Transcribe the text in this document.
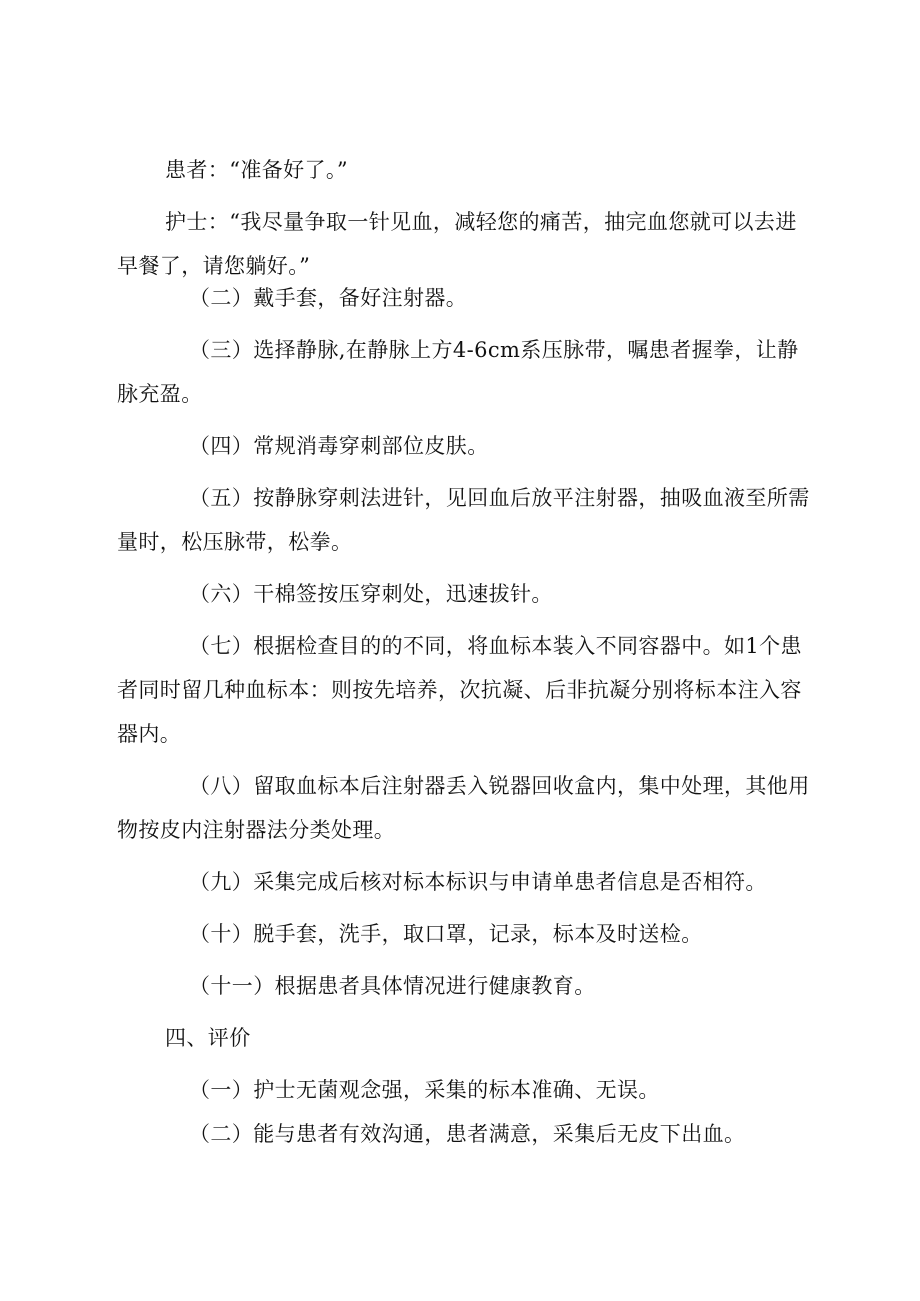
患者：“准备好了。”

护士：“我尽量争取一针见血，减轻您的痛苦，抽完血您就可以去进早餐了，请您躺好。”

（二）戴手套，备好注射器。

（三）选择静脉,在静脉上方4-6cm系压脉带，嘱患者握拳，让静脉充盈。

（四）常规消毒穿刺部位皮肤。

（五）按静脉穿刺法进针，见回血后放平注射器，抽吸血液至所需量时，松压脉带，松拳。

（六）干棉签按压穿刺处，迅速拔针。

（七）根据检查目的的不同，将血标本装入不同容器中。如1个患者同时留几种血标本：则按先培养，次抗凝、后非抗凝分别将标本注入容器内。

（八）留取血标本后注射器丢入锐器回收盒内，集中处理，其他用物按皮内注射器法分类处理。

（九）采集完成后核对标本标识与申请单患者信息是否相符。

（十）脱手套，洗手，取口罩，记录，标本及时送检。

（十一）根据患者具体情况进行健康教育。

四、评价

（一）护士无菌观念强，采集的标本准确、无误。

（二）能与患者有效沟通，患者满意，采集后无皮下出血。
